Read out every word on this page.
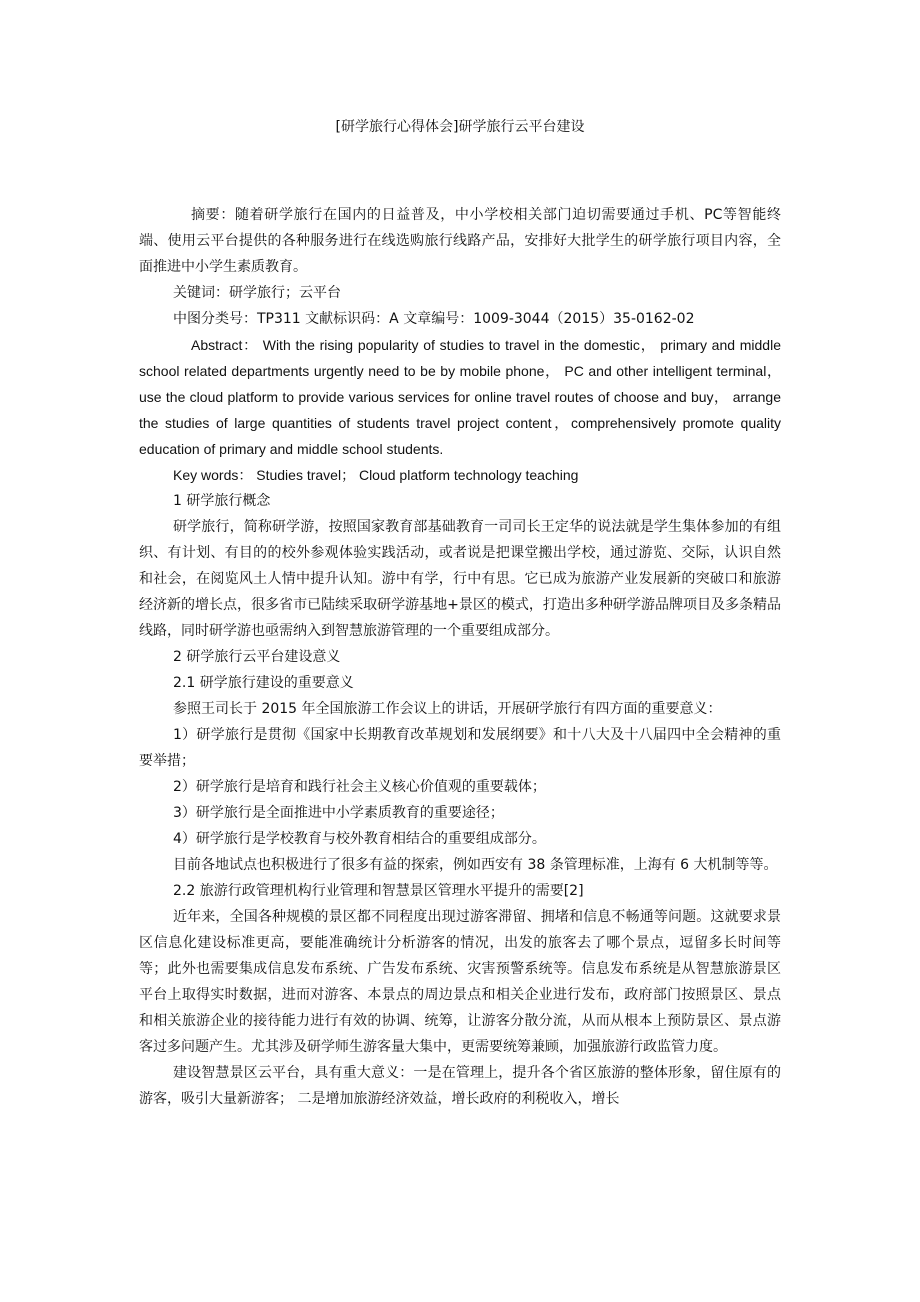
[研学旅行心得体会]研学旅行云平台建设

摘要：随着研学旅行在国内的日益普及，中小学校相关部门迫切需要通过手机、PC等智能终端、使用云平台提供的各种服务进行在线选购旅行线路产品，安排好大批学生的研学旅行项目内容，全面推进中小学生素质教育。

关键词：研学旅行；云平台

中图分类号：TP311 文献标识码：A 文章编号：1009-3044（2015）35-0162-02

Abstract： With the rising popularity of studies to travel in the domestic， primary and middle school related departments urgently need to be by mobile phone， PC and other intelligent terminal， use the cloud platform to provide various services for online travel routes of choose and buy， arrange the studies of large quantities of students travel project content，comprehensively promote quality education of primary and middle school students.

Key words： Studies travel； Cloud platform technology teaching

1 研学旅行概念

研学旅行，简称研学游，按照国家教育部基础教育一司司长王定华的说法就是学生集体参加的有组织、有计划、有目的的校外参观体验实践活动，或者说是把课堂搬出学校，通过游览、交际，认识自然和社会，在阅览风土人情中提升认知。游中有学，行中有思。它已成为旅游产业发展新的突破口和旅游经济新的增长点，很多省市已陆续采取研学游基地+景区的模式，打造出多种研学游品牌项目及多条精品线路，同时研学游也亟需纳入到智慧旅游管理的一个重要组成部分。

2 研学旅行云平台建设意义

2.1 研学旅行建设的重要意义

参照王司长于 2015 年全国旅游工作会议上的讲话，开展研学旅行有四方面的重要意义：

1）研学旅行是贯彻《国家中长期教育改革规划和发展纲要》和十八大及十八届四中全会精神的重要举措；

2）研学旅行是培育和践行社会主义核心价值观的重要载体；

3）研学旅行是全面推进中小学素质教育的重要途径；

4）研学旅行是学校教育与校外教育相结合的重要组成部分。

目前各地试点也积极进行了很多有益的探索，例如西安有 38 条管理标准，上海有 6 大机制等等。

2.2 旅游行政管理机构行业管理和智慧景区管理水平提升的需要[2]

近年来，全国各种规模的景区都不同程度出现过游客滞留、拥堵和信息不畅通等问题。这就要求景区信息化建设标准更高，要能准确统计分析游客的情况，出发的旅客去了哪个景点，逗留多长时间等等；此外也需要集成信息发布系统、广告发布系统、灾害预警系统等。信息发布系统是从智慧旅游景区平台上取得实时数据，进而对游客、本景点的周边景点和相关企业进行发布，政府部门按照景区、景点和相关旅游企业的接待能力进行有效的协调、统筹，让游客分散分流，从而从根本上预防景区、景点游客过多问题产生。尤其涉及研学师生游客量大集中，更需要统筹兼顾，加强旅游行政监管力度。

建设智慧景区云平台，具有重大意义：一是在管理上，提升各个省区旅游的整体形象，留住原有的游客，吸引大量新游客； 二是增加旅游经济效益，增长政府的利税收入，增长
